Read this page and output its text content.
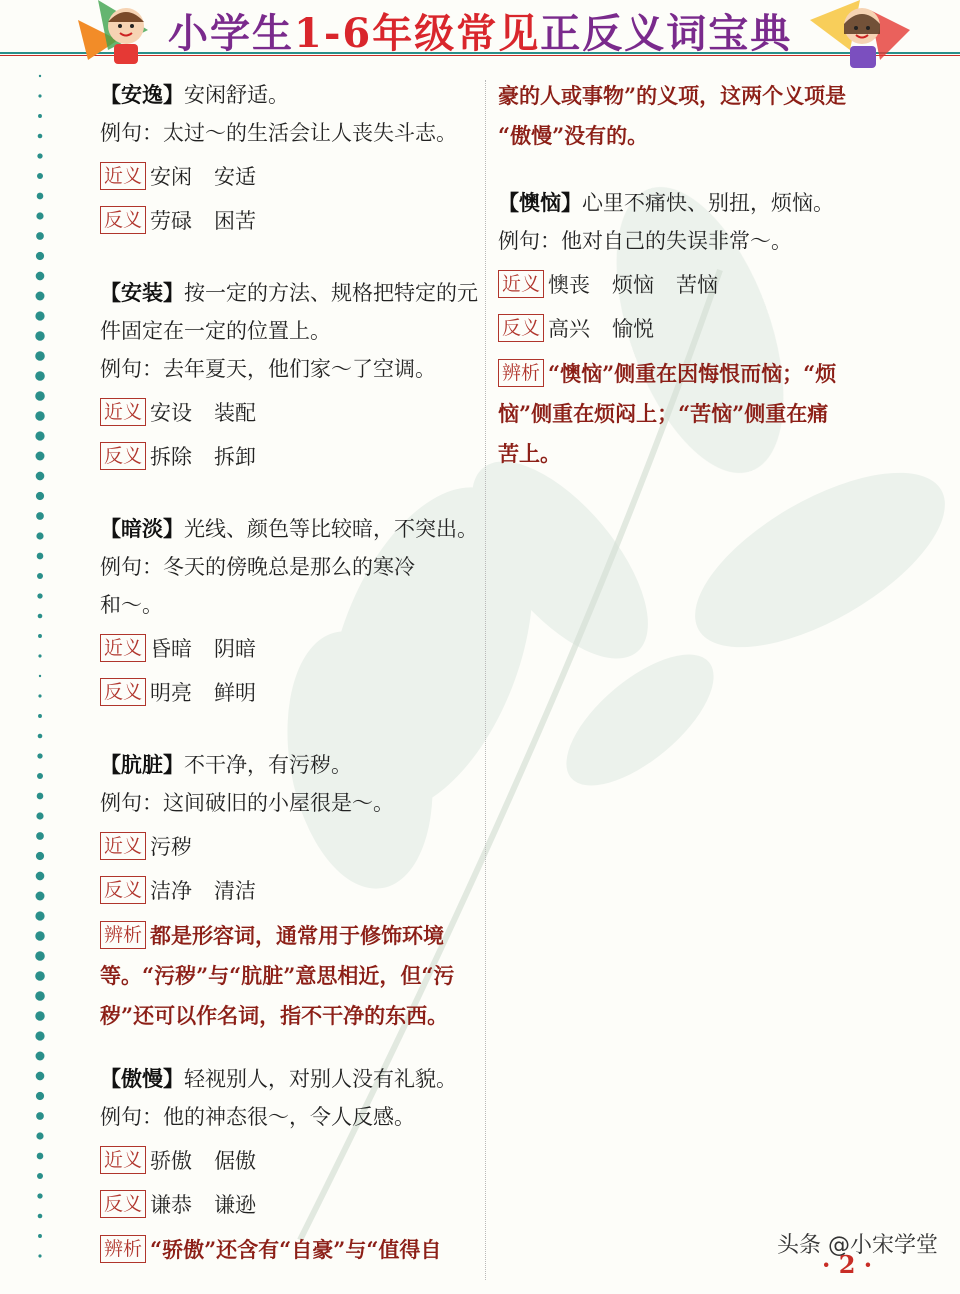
小学生1-6年级常见正反义词宝典
【安逸】安闲舒适。
例句：太过～的生活会让人丧失斗志。
近义 安闲 安适
反义 劳碌 困苦
【安装】按一定的方法、规格把特定的元
件固定在一定的位置上。
例句：去年夏天，他们家～了空调。
近义 安设 装配
反义 拆除 拆卸
【暗淡】光线、颜色等比较暗，不突出。
例句：冬天的傍晚总是那么的寒冷
和～。
近义 昏暗 阴暗
反义 明亮 鲜明
【肮脏】不干净，有污秽。
例句：这间破旧的小屋很是～。
近义 污秽
反义 洁净 清洁
辨析 都是形容词，通常用于修饰环境
等。“污秽”与“肮脏”意思相近，但“污
秽”还可以作名词，指不干净的东西。
【傲慢】轻视别人，对别人没有礼貌。
例句：他的神态很～，令人反感。
近义 骄傲 倨傲
反义 谦恭 谦逊
辨析 “骄傲”还含有“自豪”与“值得自
豪的人或事物”的义项，这两个义项是
“傲慢”没有的。
【懊恼】心里不痛快、别扭，烦恼。
例句：他对自己的失误非常～。
近义 懊丧 烦恼 苦恼
反义 高兴 愉悦
辨析 “懊恼”侧重在因悔恨而恼；“烦
恼”侧重在烦闷上；“苦恼”侧重在痛
苦上。
头条 @小宋学堂
· 2 ·
